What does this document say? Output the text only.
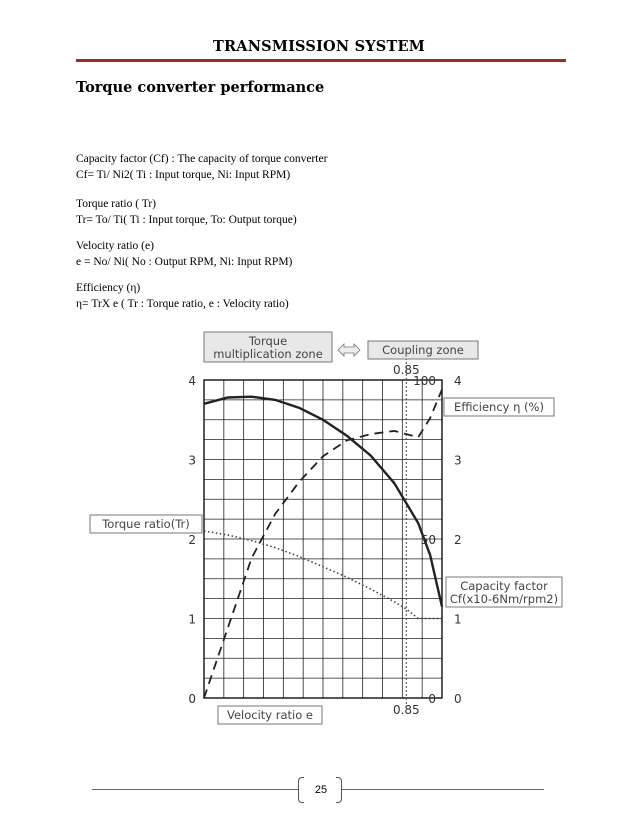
TRANSMISSION SYSTEM
Torque converter performance
Capacity factor (Cf) : The capacity of torque converter
Cf= Ti/ Ni2( Ti : Input torque, Ni: Input RPM)
Torque ratio ( Tr)
Tr= To/ Ti( Ti : Input torque, To: Output torque)
Velocity ratio (e)
e = No/ Ni( No : Output RPM, Ni: Input RPM)
Efficiency (η)
η= TrX e ( Tr : Torque ratio, e : Velocity ratio)
0
1
2
3
4
0
1
2
3
4
0
50
100
0.85
0.85
Torque
multiplication zone	Coupling zone
Efficiency η (%)
Torque ratio(Tr)
Capacity factor
Cf(x10-6Nm/rpm2)
Velocity ratio e
25
